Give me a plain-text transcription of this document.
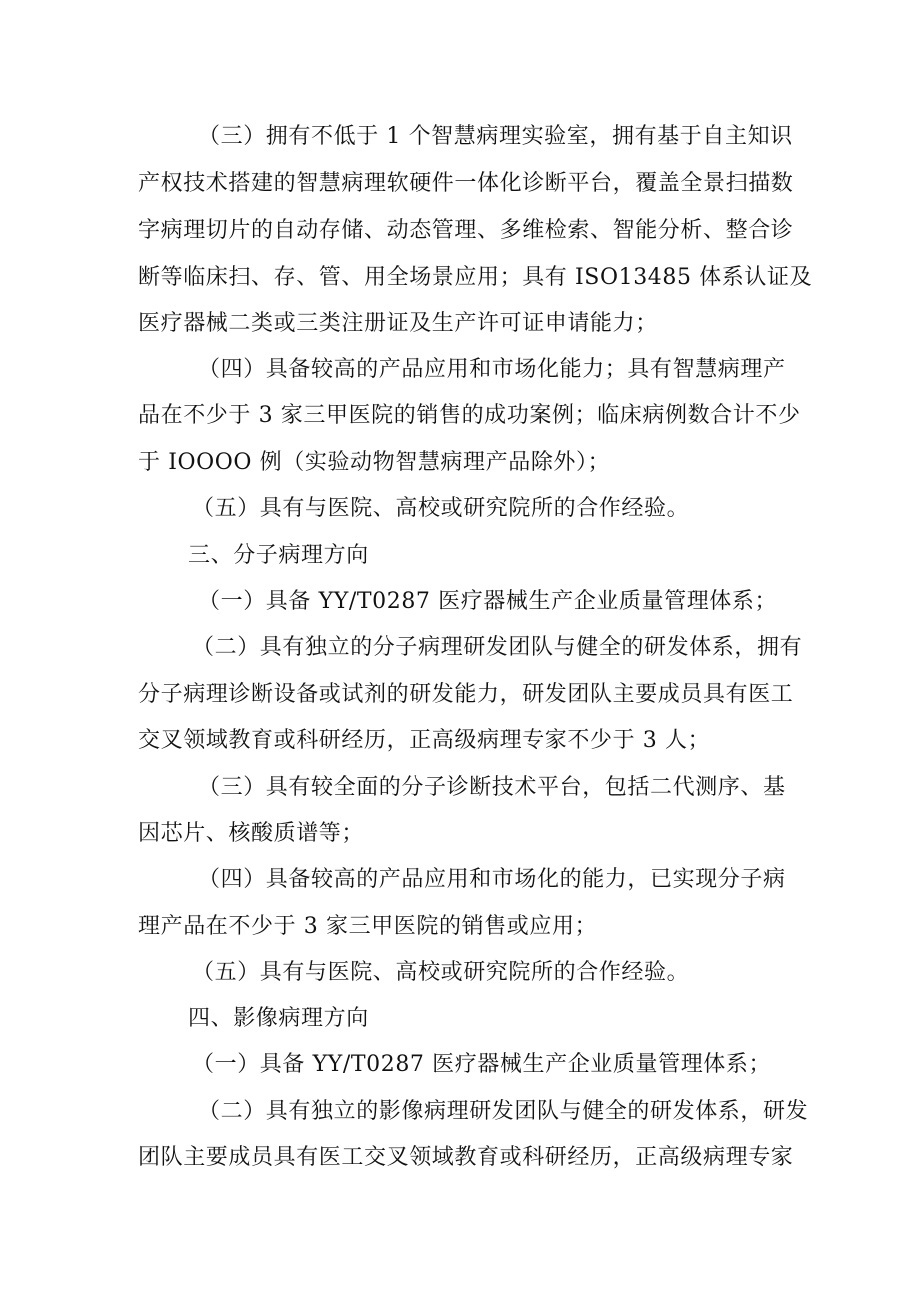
（三）拥有不低于 1 个智慧病理实验室，拥有基于自主知识
产权技术搭建的智慧病理软硬件一体化诊断平台，覆盖全景扫描数
字病理切片的自动存储、动态管理、多维检索、智能分析、整合诊
断等临床扫、存、管、用全场景应用；具有 ISO13485 体系认证及
医疗器械二类或三类注册证及生产许可证申请能力；
（四）具备较高的产品应用和市场化能力；具有智慧病理产
品在不少于 3 家三甲医院的销售的成功案例；临床病例数合计不少
于 IOOOO 例（实验动物智慧病理产品除外）；
（五）具有与医院、高校或研究院所的合作经验。
三、分子病理方向
（一）具备 YY/T0287 医疗器械生产企业质量管理体系；
（二）具有独立的分子病理研发团队与健全的研发体系，拥有
分子病理诊断设备或试剂的研发能力，研发团队主要成员具有医工
交叉领域教育或科研经历，正高级病理专家不少于 3 人；
（三）具有较全面的分子诊断技术平台，包括二代测序、基
因芯片、核酸质谱等；
（四）具备较高的产品应用和市场化的能力，已实现分子病
理产品在不少于 3 家三甲医院的销售或应用；
（五）具有与医院、高校或研究院所的合作经验。
四、影像病理方向
（一）具备 YY/T0287 医疗器械生产企业质量管理体系；
（二）具有独立的影像病理研发团队与健全的研发体系，研发
团队主要成员具有医工交叉领域教育或科研经历，正高级病理专家
